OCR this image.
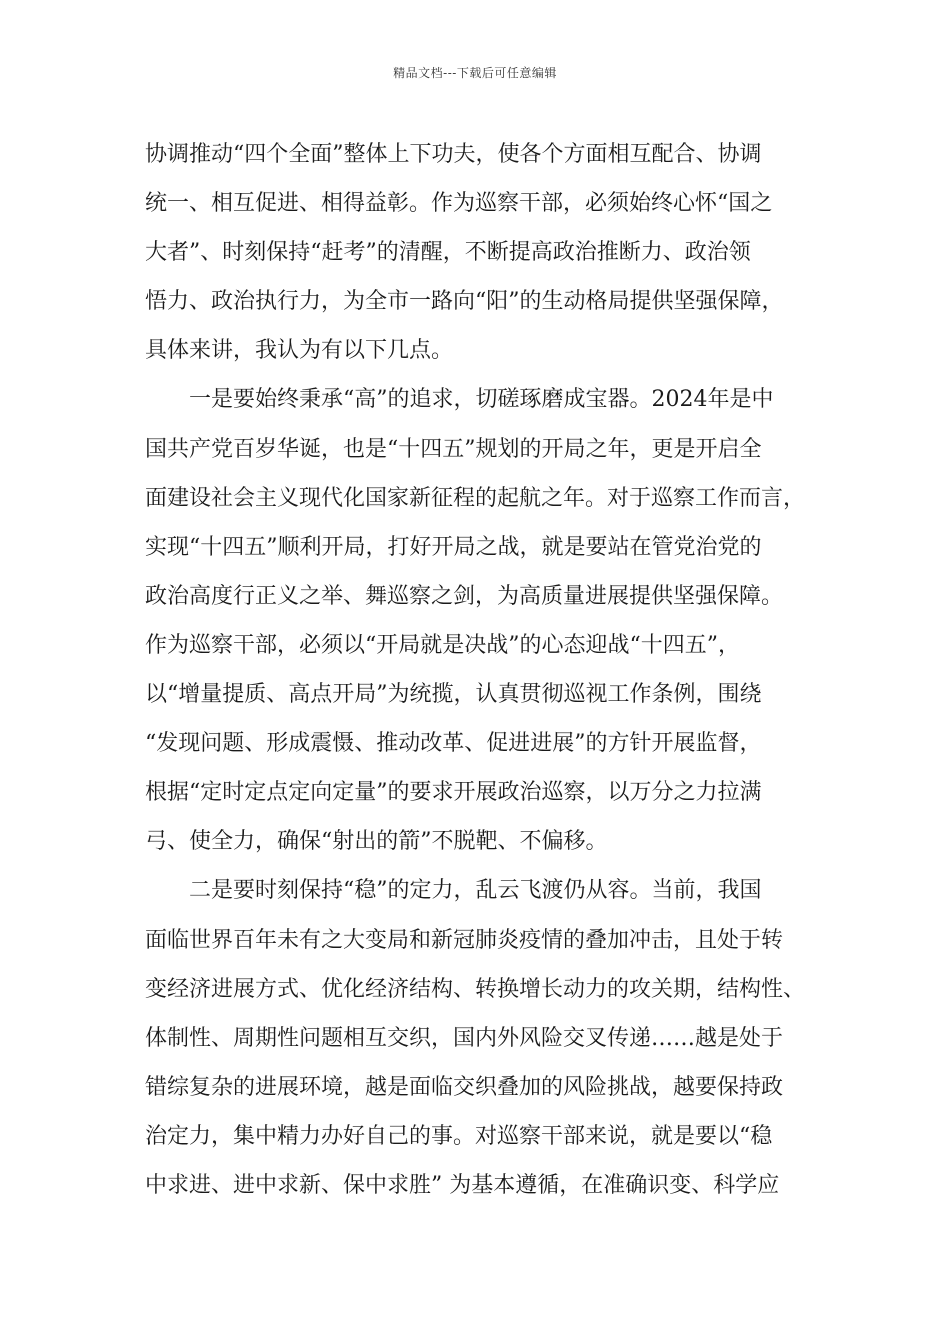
精品文档---下载后可任意编辑
协调推动“四个全面”整体上下功夫，使各个方面相互配合、协调
统一、相互促进、相得益彰。作为巡察干部，必须始终心怀“国之
大者”、时刻保持“赶考”的清醒，不断提高政治推断力、政治领
悟力、政治执行力，为全市一路向“阳”的生动格局提供坚强保障，
具体来讲，我认为有以下几点。
一是要始终秉承“高”的追求，切磋琢磨成宝器。2024年是中
国共产党百岁华诞，也是“十四五”规划的开局之年，更是开启全
面建设社会主义现代化国家新征程的起航之年。对于巡察工作而言，
实现“十四五”顺利开局，打好开局之战，就是要站在管党治党的
政治高度行正义之举、舞巡察之剑，为高质量进展提供坚强保障。
作为巡察干部，必须以“开局就是决战”的心态迎战“十四五”，
以“增量提质、高点开局”为统揽，认真贯彻巡视工作条例，围绕
“发现问题、形成震慑、推动改革、促进进展”的方针开展监督，
根据“定时定点定向定量”的要求开展政治巡察，以万分之力拉满
弓、使全力，确保“射出的箭”不脱靶、不偏移。
二是要时刻保持“稳”的定力，乱云飞渡仍从容。当前，我国
面临世界百年未有之大变局和新冠肺炎疫情的叠加冲击，且处于转
变经济进展方式、优化经济结构、转换增长动力的攻关期，结构性、
体制性、周期性问题相互交织，国内外风险交叉传递……越是处于
错综复杂的进展环境，越是面临交织叠加的风险挑战，越要保持政
治定力，集中精力办好自己的事。对巡察干部来说，就是要以“稳
中求进、进中求新、保中求胜” 为基本遵循，在准确识变、科学应
